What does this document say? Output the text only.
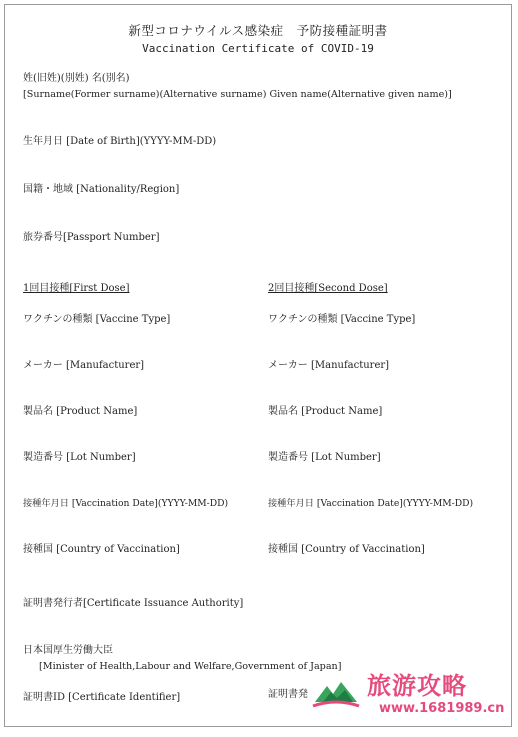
新型コロナウイルス感染症　予防接種証明書
Vaccination Certificate of COVID-19
姓(旧姓)(別姓) 名(別名)
[Surname(Former surname)(Alternative surname) Given name(Alternative given name)]
生年月日 [Date of Birth](YYYY-MM-DD)
国籍・地域 [Nationality/Region]
旅券番号[Passport Number]
1回目接種[First Dose]
ワクチンの種類 [Vaccine Type]
メーカー [Manufacturer]
製品名 [Product Name]
製造番号 [Lot Number]
接種年月日 [Vaccination Date](YYYY-MM-DD)
接種国 [Country of Vaccination]
2回目接種[Second Dose]
ワクチンの種類 [Vaccine Type]
メーカー [Manufacturer]
製品名 [Product Name]
製造番号 [Lot Number]
接種年月日 [Vaccination Date](YYYY-MM-DD)
接種国 [Country of Vaccination]
証明書発行者[Certificate Issuance Authority]
日本国厚生労働大臣
[Minister of Health,Labour and Welfare,Government of Japan]
証明書ID [Certificate Identifier]	証明書発 旅游攻略
www.1681989.cn
